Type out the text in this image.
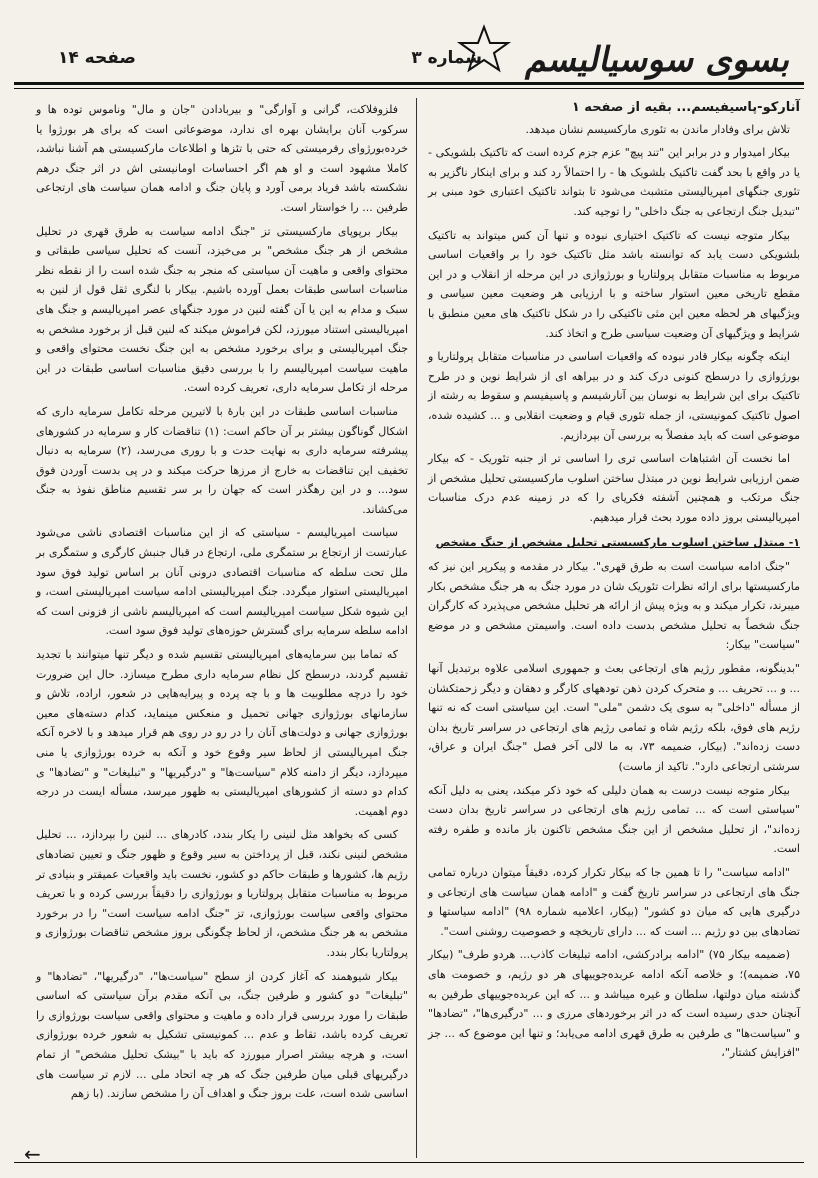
بسوی سوسیالیسم
شماره ۳
صفحه ۱۴

آنارکو-پاسیفیسم... بقیه از صفحه ۱

تلاش برای وفادار ماندن به تئوری مارکسیسم نشان میدهد.

بیکار امیدوار و در برابر این "تند پیچ" عزم جزم کرده است که تاکتیک بلشویکی - یا در واقع با بحد گفت تاکتیک بلشویک ها - را احتمالاً رد کند و برای اینکار ناگزیر به تئوری جنگهای امپریالیستی متشبث می‌شود تا بتواند تاکتیک اعتباری خود مبنی بر "تبدیل جنگ ارتجاعی به جنگ داخلی" را توجیه کند.

بیکار متوجه نیست که تاکتیک اختیاری نبوده و تنها آن کس میتواند به تاکتیک بلشویکی دست یابد که توانسته باشد مثل تاکتیک خود را بر واقعیات اساسی مربوط به مناسبات متقابل پرولتاریا و بورژوازی در این مرحله از انقلاب و در این مقطع تاریخی معین استوار ساخته و با ارزیابی هر وضعیت معین سیاسی و ویژگیهای هر لحظه معین این مثی تاکتیکی را در شکل تاکتیک های معین منطبق با شرایط و ویژگیهای آن وضعیت سیاسی طرح و اتخاذ کند.

اینکه چگونه بیکار قادر نبوده که واقعیات اساسی در مناسبات متقابل پرولتاریا و بورژوازی را درسطح کنونی درک کند و در بیراهه ای از شرایط نوین و در طرح تاکتیک برای این شرایط به نوسان بین آنارشیسم و پاسیفیسم و سقوط به رشته از اصول تاکتیک کمونیستی، از جمله تئوری قیام و وضعیت انقلابی و ... کشیده شده، موضوعی است که باید مفصلاً به بررسی آن بپردازیم.

اما نخست آن اشتباهات اساسی تری را اساسی تر از جنبه تئوریک - که بیکار ضمن ارزیابی شرایط نوین در مبتذل ساختن اسلوب مارکسیستی تحلیل مشخص از جنگ مرتکب و همچنین آشفته فکریای را که در زمینه عدم درک مناسبات امپریالیستی بروز داده مورد بحث قرار میدهیم.

۱- مبتذل ساختن اسلوب مارکسیستی تحلیل مشخص از جنگ مشخص

"جنگ ادامه سیاست است به طرق قهری". بیکار در مقدمه و پیکرپر این نیز که مارکسیستها برای ارائه نظرات تئوریک شان در مورد جنگ به هر جنگ مشخص بکار میبرند، تکرار میکند و به ویژه پیش از ارائه هر تحلیل مشخص می‌پذیرد که کارگران جنگ شخصاً به تحلیل مشخص بدست داده است. واسیمتن مشخص و در موضع "سیاست" بیکار:

"بدینگونه، مقطور رژیم های ارتجاعی بعث و جمهوری اسلامی علاوه برتبدیل آنها ... و ... تحریف ... و متحرک کردن ذهن تودههای کارگر و دهقان و دیگر زحمتکشان از مسأله "داخلی" به سوی یک دشمن "ملی" است. این سیاستی است که نه تنها رژیم های فوق، بلکه رژیم شاه و تمامی رژیم های ارتجاعی در سراسر تاریخ بدان دست زده‌اند". (بیکار، ضمیمه ۷۳، به ما لالی آخر فصل "جنگ ایران و عراق، سرشتی ارتجاعی دارد". تاکید از ماست)

بیکار متوجه نیست درست به همان دلیلی که خود ذکر میکند، یعنی به دلیل آنکه "سیاستی است که ... تمامی رژیم های ارتجاعی در سراسر تاریخ بدان دست زده‌اند"، از تحلیل مشخص از این جنگ مشخص تاکنون باز مانده و طفره رفته است.

"ادامه سیاست" را تا همین جا که بیکار تکرار کرده، دقیقاً میتوان درباره تمامی جنگ های ارتجاعی در سراسر تاریخ گفت و "ادامه همان سیاست های ارتجاعی و درگیری هایی که میان دو کشور" (بیکار، اعلامیه شماره ۹۸) "ادامه سیاستها و تضادهای بین دو رژیم ... است که ... دارای تاریخچه و خصوصیت روشنی است".

(ضمیمه بیکار ۷۵) "ادامه برادرکشی، ادامه تبلیغات کاذب... هردو طرف" (بیکار ۷۵، ضمیمه)؛ و خلاصه آنکه ادامه عربده‌جوییهای هر دو رژیم، و خصومت های گذشته میان دولتها، سلطان و غیره میباشد و ... که این عربده‌جوییهای طرفین به آنچنان حدی رسیده است که در اثر برخوردهای مرزی و ... "درگیری‌ها"، "تضادها" و "سیاست‌ها" ی طرفین به طرق قهری ادامه می‌یابد؛ و تنها این موضوع که ... جز "افزایش کشتار"،

فلزوفلاکت، گرانی و آوارگی" و بیربادادن "جان و مال" وناموس توده ها و سرکوب آنان برایشان بهره ای ندارد، موضوعاتی است که برای هر بورژوا یا خرده‌بورژوای رفرمیستی که حتی با تئزها و اطلاعات مارکسیستی هم آشنا نباشد، کاملا مشهود است و او هم اگر احساسات اومانیستی اش در اثر جنگ درهم نشکسته باشد فریاد برمی آورد و پایان جنگ و ادامه همان سیاست های ارتجاعی طرفین ... را خواستار است.

بیکار برپوپای مارکسیستی تز "جنگ ادامه سیاست به طرق قهری در تحلیل مشخص از هر جنگ مشخص" بر می‌خیزد، آنست که تحلیل سیاسی طبقاتی و محتوای واقعی و ماهیت آن سیاستی که منجر به جنگ شده است را از نقطه نظر مناسبات اساسی طبقات بعمل آورده باشیم. بیکار با لنگری ثقل قول از لنین به سبک و مدام به این یا آن گفته لنین در مورد جنگهای عصر امپریالیسم و جنگ های امپریالیستی استناد میورزد، لکن فراموش میکند که لنین قبل از برخورد مشخص به جنگ امپریالیستی و برای برخورد مشخص به این جنگ نخست محتوای واقعی و ماهیت سیاست امپریالیسم را با بررسی دقیق مناسبات اساسی طبقات در این مرحله از تکامل سرمایه داری، تعریف کرده است.

مناسبات اساسی طبقات در این بارهٔ با لاتیرین مرحله تکامل سرمایه داری که اشکال گوناگون بیشتر بر آن حاکم است: (۱) تناقضات کار و سرمایه در کشورهای پیشرفته سرمایه داری به نهایت حدت و با روری می‌رسد، (۲) سرمایه به دنبال تخفیف این تناقضات به خارج از مرزها حرکت میکند و در پی بدست آوردن فوق سود... و در این رهگذر است که جهان را بر سر تقسیم مناطق نفوذ به جنگ می‌کشاند.

سیاست امپریالیسم - سیاستی که از این مناسبات اقتصادی ناشی می‌شود عبارتست از ارتجاع بر ستمگری ملی، ارتجاع در قبال جنبش کارگری و ستمگری بر ملل تحت سلطه که مناسبات اقتصادی درونی آنان بر اساس تولید فوق سود امپریالیستی استوار میگردد. جنگ امپریالیستی ادامه سیاست امپریالیستی است، و این شیوه شکل سیاست امپریالیسم است که امپریالیسم ناشی از فزونی است که ادامه سلطه سرمایه برای گسترش حوزه‌های تولید فوق سود است.

که تماما بین سرمایه‌های امپریالیستی تقسیم شده و دیگر تنها میتوانند با تجدید تقسیم گردند، درسطح کل نظام سرمایه داری مطرح میسازد. حال این ضرورت خود را درچه مطلوبیت ها و با چه پرده و پیرایه‌هایی در شعور، اراده، تلاش و سازمانهای بورژوازی جهانی تحمیل و منعکس مینماید، کدام دسته‌های معین بورژوازی جهانی و دولت‌های آنان را در رو در روی هم قرار میدهد و با لاخره آنکه جنگ امپریالیستی از لحاظ سیر وقوع خود و آنکه به خرده بورژوازی یا منی میپردازد، دیگر از دامنه کلام "سیاست‌ها" و "درگیریها" و "تبلیغات" و "تضادها" ی کدام دو دسته از کشورهای امپریالیستی به ظهور میرسد، مسأله ایست در درجه دوم اهمیت.

کسی که بخواهد مثل لنینی را یکار بندد، کادرهای ... لنین را بپردازد، ... تحلیل مشخص لنینی نکند، قبل از پرداختن به سیر وقوع و ظهور جنگ و تعیین تضادهای رژیم ها، کشورها و طبقات حاکم دو کشور، نخست باید واقعیات عمیقتر و بنیادی تر مربوط به مناسبات متقابل پرولتاریا و بورژوازی را دقیقاً بررسی کرده و با تعریف محتوای واقعی سیاست بورژوازی، تز "جنگ ادامه سیاست است" را در برخورد مشخص به هر جنگ مشخص، از لحاظ چگونگی بروز مشخص تناقضات بورژوازی و پرولتاریا بکار بندد.

بیکار شیوهمند که آغاز کردن از سطح "سیاست‌ها"، "درگیریها"، "تضادها" و "تبلیغات" دو کشور و طرفین جنگ، بی آنکه مقدم برآن سیاستی که اساسی طبقات را مورد بررسی قرار داده و ماهیت و محتوای واقعی سیاست بورژوازی را تعریف کرده باشد، تقاط و عدم ... کمونیستی تشکیل به شعور خرده بورژوازی است، و هرچه بیشتر اصرار میورزد که باید با "بیشک تحلیل مشخص" از تمام درگیریهای قبلی میان طرفین جنگ که هر چه اتحاد ملی ... لازم تر سیاست های اساسی شده است، علت بروز جنگ و اهداف آن را مشخص سازند. (با زهم

←
